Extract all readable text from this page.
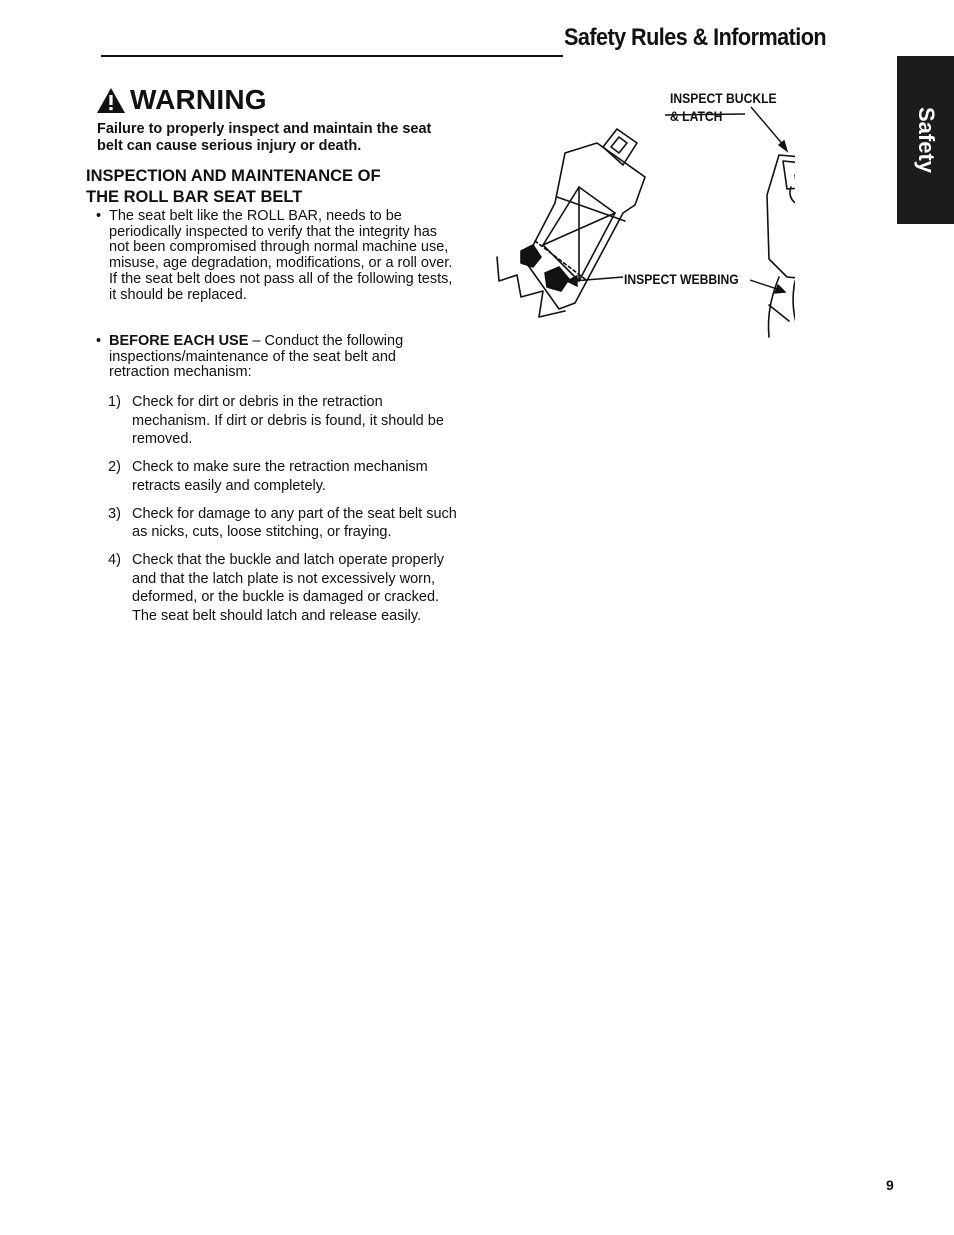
Safety Rules & Information
Safety
WARNING
Failure to properly inspect and maintain the seat belt can cause serious injury or death.
INSPECTION AND MAINTENANCE OF
THE ROLL BAR SEAT BELT
• The seat belt like the ROLL BAR, needs to be periodically inspected to verify that the integrity has not been compromised through normal machine use, misuse, age degradation, modifications, or a roll over. If the seat belt does not pass all of the following tests, it should be replaced.
• BEFORE EACH USE – Conduct the following inspections/maintenance of the seat belt and retraction mechanism:
1) Check for dirt or debris in the retraction mechanism. If dirt or debris is found, it should be removed.
2) Check to make sure the retraction mechanism retracts easily and completely.
3) Check for damage to any part of the seat belt such as nicks, cuts, loose stitching, or fraying.
4) Check that the buckle and latch operate properly and that the latch plate is not excessively worn, deformed, or the buckle is damaged or cracked. The seat belt should latch and release easily.
INSPECT BUCKLE
& LATCH
INSPECT WEBBING
9
